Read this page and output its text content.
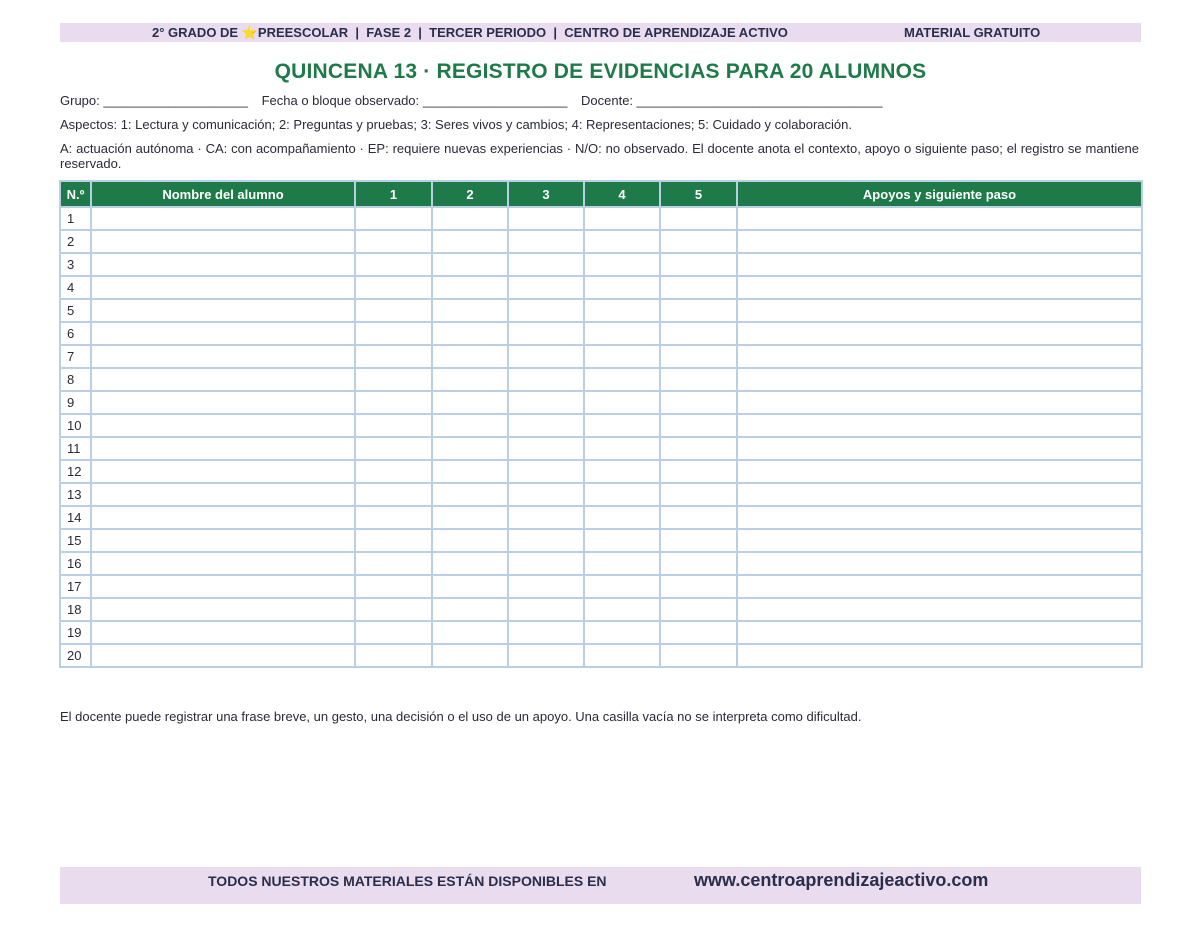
2° GRADO DE ⭐PREESCOLAR  |  FASE 2  |  TERCER PERIODO  |  CENTRO DE APRENDIZAJE ACTIVO	MATERIAL GRATUITO
QUINCENA 13 · REGISTRO DE EVIDENCIAS PARA 20 ALUMNOS
Grupo: ____________________ Fecha o bloque observado: ____________________ Docente: __________________________________
Aspectos: 1: Lectura y comunicación; 2: Preguntas y pruebas; 3: Seres vivos y cambios; 4: Representaciones; 5: Cuidado y colaboración.
A: actuación autónoma · CA: con acompañamiento · EP: requiere nuevas experiencias · N/O: no observado. El docente anota el contexto, apoyo o siguiente paso; el registro se mantiene reservado.
N.º	Nombre del alumno	1	2	3	4	5	Apoyos y siguiente paso
1							
2							
3							
4							
5							
6							
7							
8							
9							
10							
11							
12							
13							
14							
15							
16							
17							
18							
19							
20							
El docente puede registrar una frase breve, un gesto, una decisión o el uso de un apoyo. Una casilla vacía no se interpreta como dificultad.
TODOS NUESTROS MATERIALES ESTÁN DISPONIBLES EN	www.centroaprendizajeactivo.com
